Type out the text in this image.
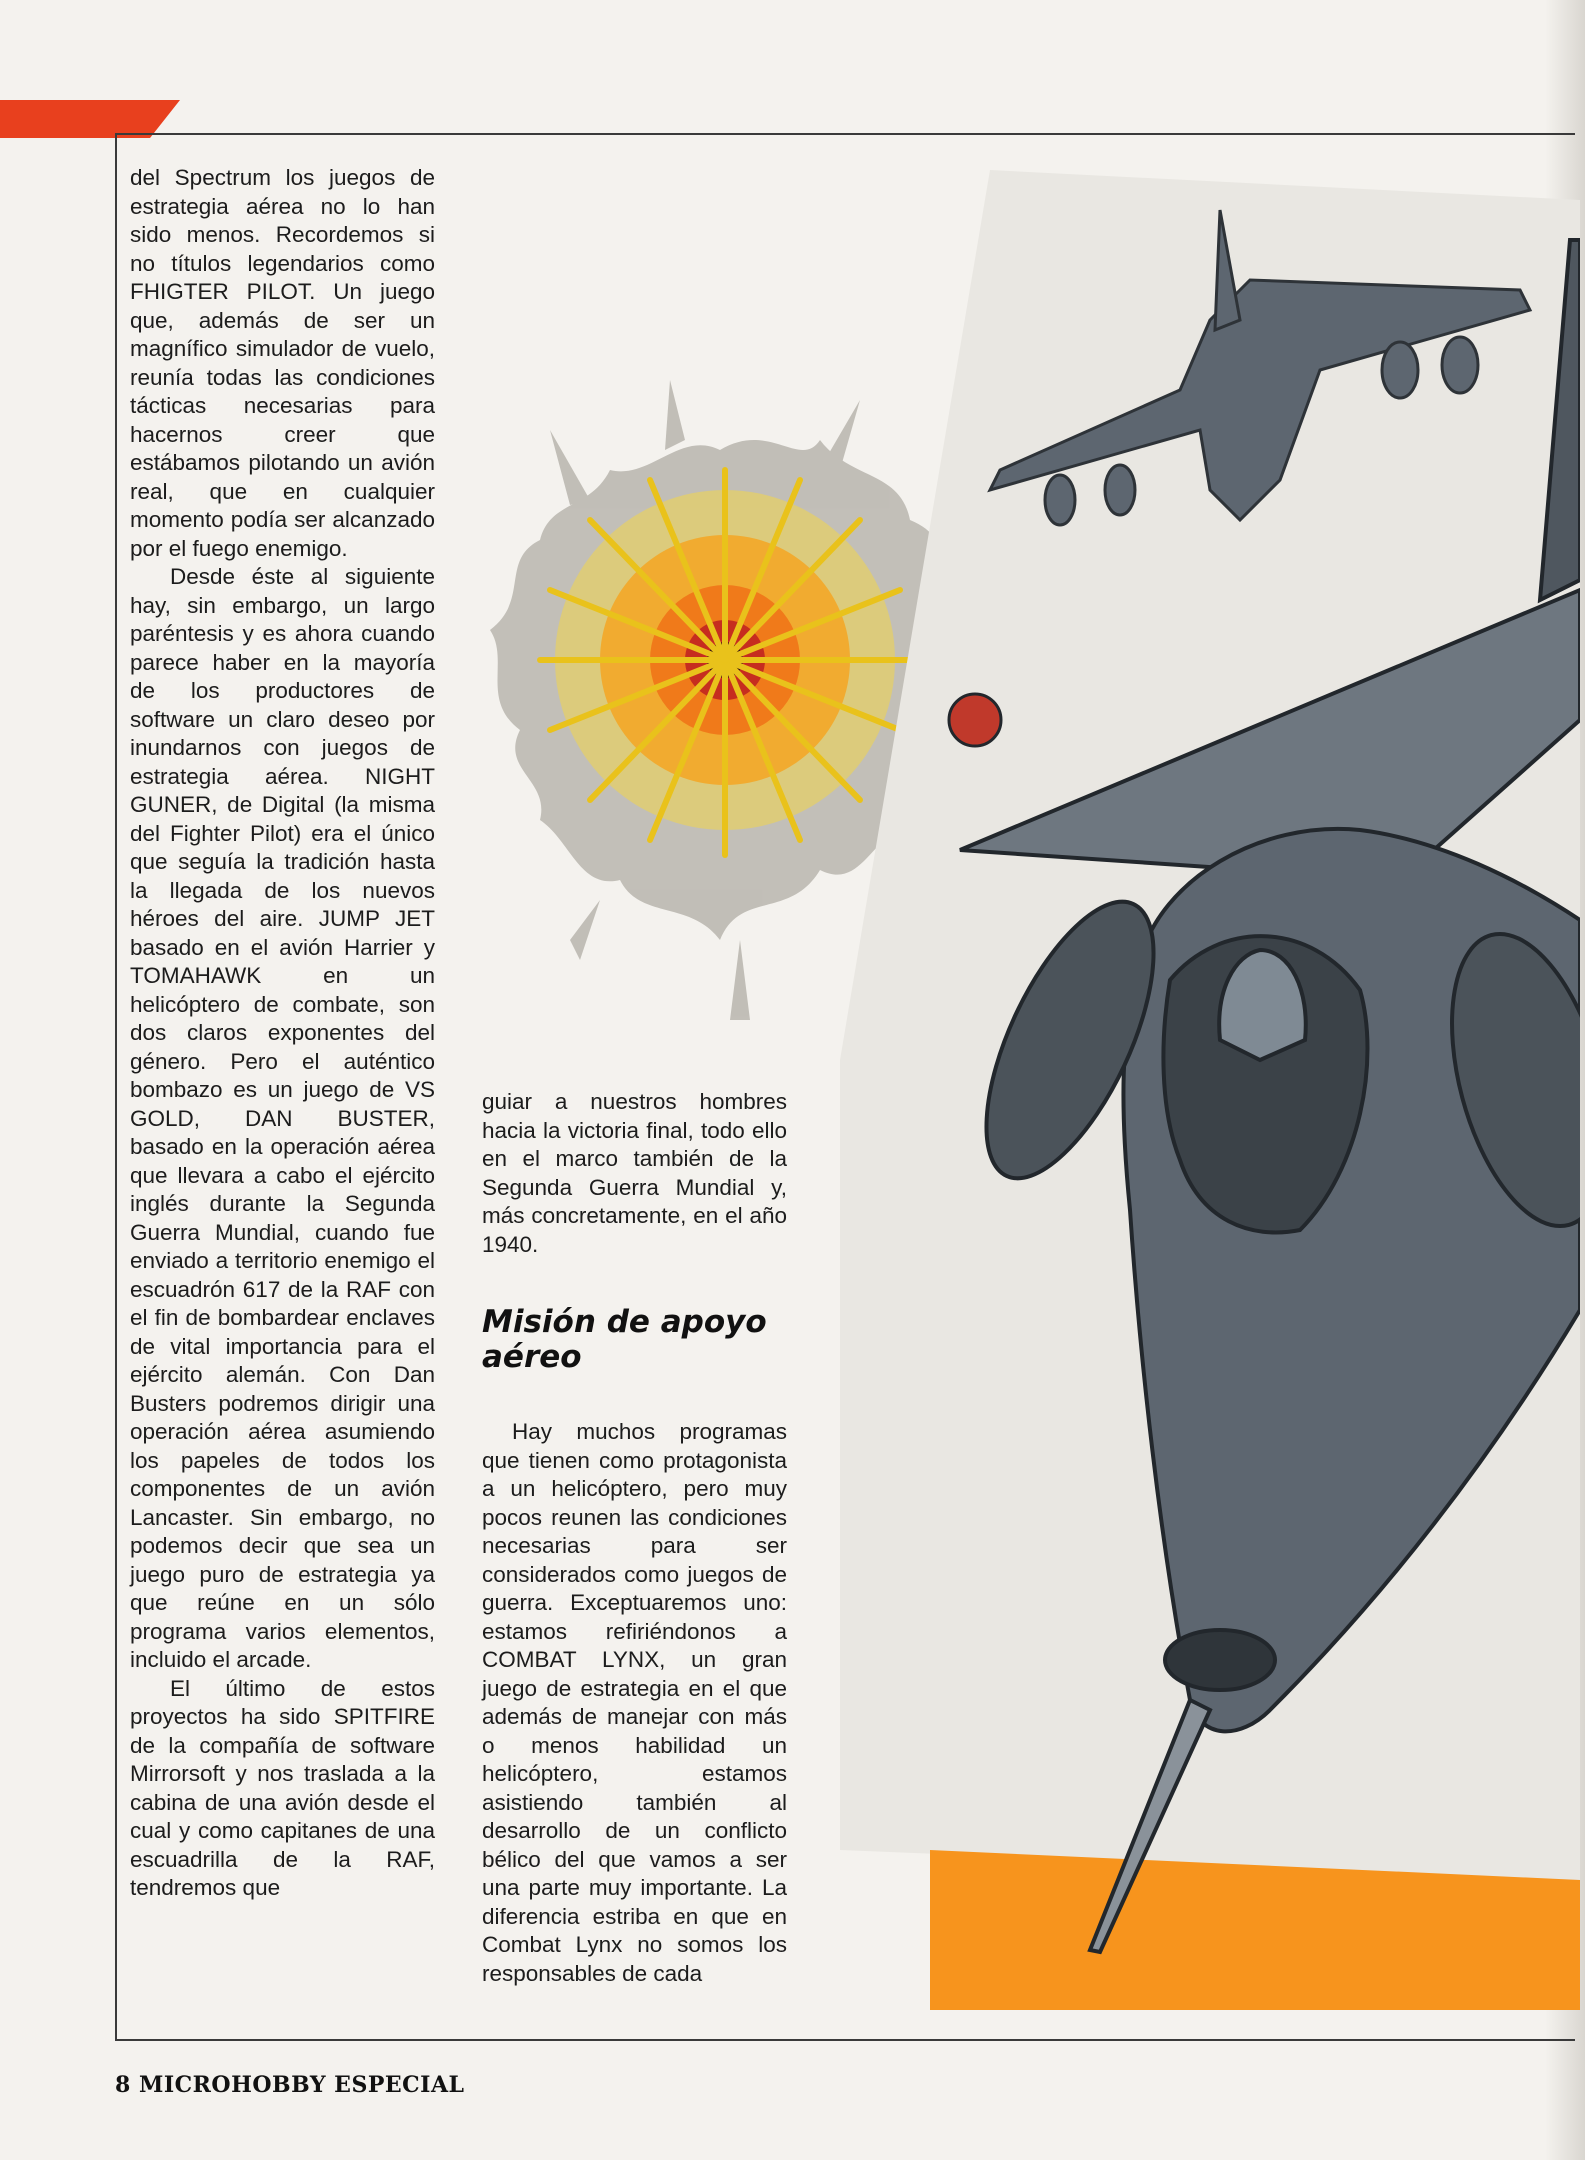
del Spectrum los juegos de estrategia aérea no lo han sido menos. Recordemos si no títulos legendarios como FHIGTER PILOT. Un juego que, además de ser un magnífico simulador de vuelo, reunía todas las condiciones tácticas necesarias para hacernos creer que estábamos pilotando un avión real, que en cualquier momento podía ser alcanzado por el fuego enemigo.

Desde éste al siguiente hay, sin embargo, un largo paréntesis y es ahora cuando parece haber en la mayoría de los productores de software un claro deseo por inundarnos con juegos de estrategia aérea. NIGHT GUNER, de Digital (la misma del Fighter Pilot) era el único que seguía la tradición hasta la llegada de los nuevos héroes del aire. JUMP JET basado en el avión Harrier y TOMAHAWK en un helicóptero de combate, son dos claros exponentes del género. Pero el auténtico bombazo es un juego de VS GOLD, DAN BUSTER, basado en la operación aérea que llevara a cabo el ejército inglés durante la Segunda Guerra Mundial, cuando fue enviado a territorio enemigo el escuadrón 617 de la RAF con el fin de bombardear enclaves de vital importancia para el ejército alemán. Con Dan Busters podremos dirigir una operación aérea asumiendo los papeles de todos los componentes de un avión Lancaster. Sin embargo, no podemos decir que sea un juego puro de estrategia ya que reúne en un sólo programa varios elementos, incluido el arcade.

El último de estos proyectos ha sido SPITFIRE de la compañía de software Mirrorsoft y nos traslada a la cabina de una avión desde el cual y como capitanes de una escuadrilla de la RAF, tendremos que

guiar a nuestros hombres hacia la victoria final, todo ello en el marco también de la Segunda Guerra Mundial y, más concretamente, en el año 1940.

Misión de apoyo aéreo

Hay muchos programas que tienen como protagonista a un helicóptero, pero muy pocos reunen las condiciones necesarias para ser considerados como juegos de guerra. Exceptuaremos uno: estamos refiriéndonos a COMBAT LYNX, un gran juego de estrategia en el que además de manejar con más o menos habilidad un helicóptero, estamos asistiendo también al desarrollo de un conflicto bélico del que vamos a ser una parte muy importante. La diferencia estriba en que en Combat Lynx no somos los responsables de cada

8 MICROHOBBY ESPECIAL
